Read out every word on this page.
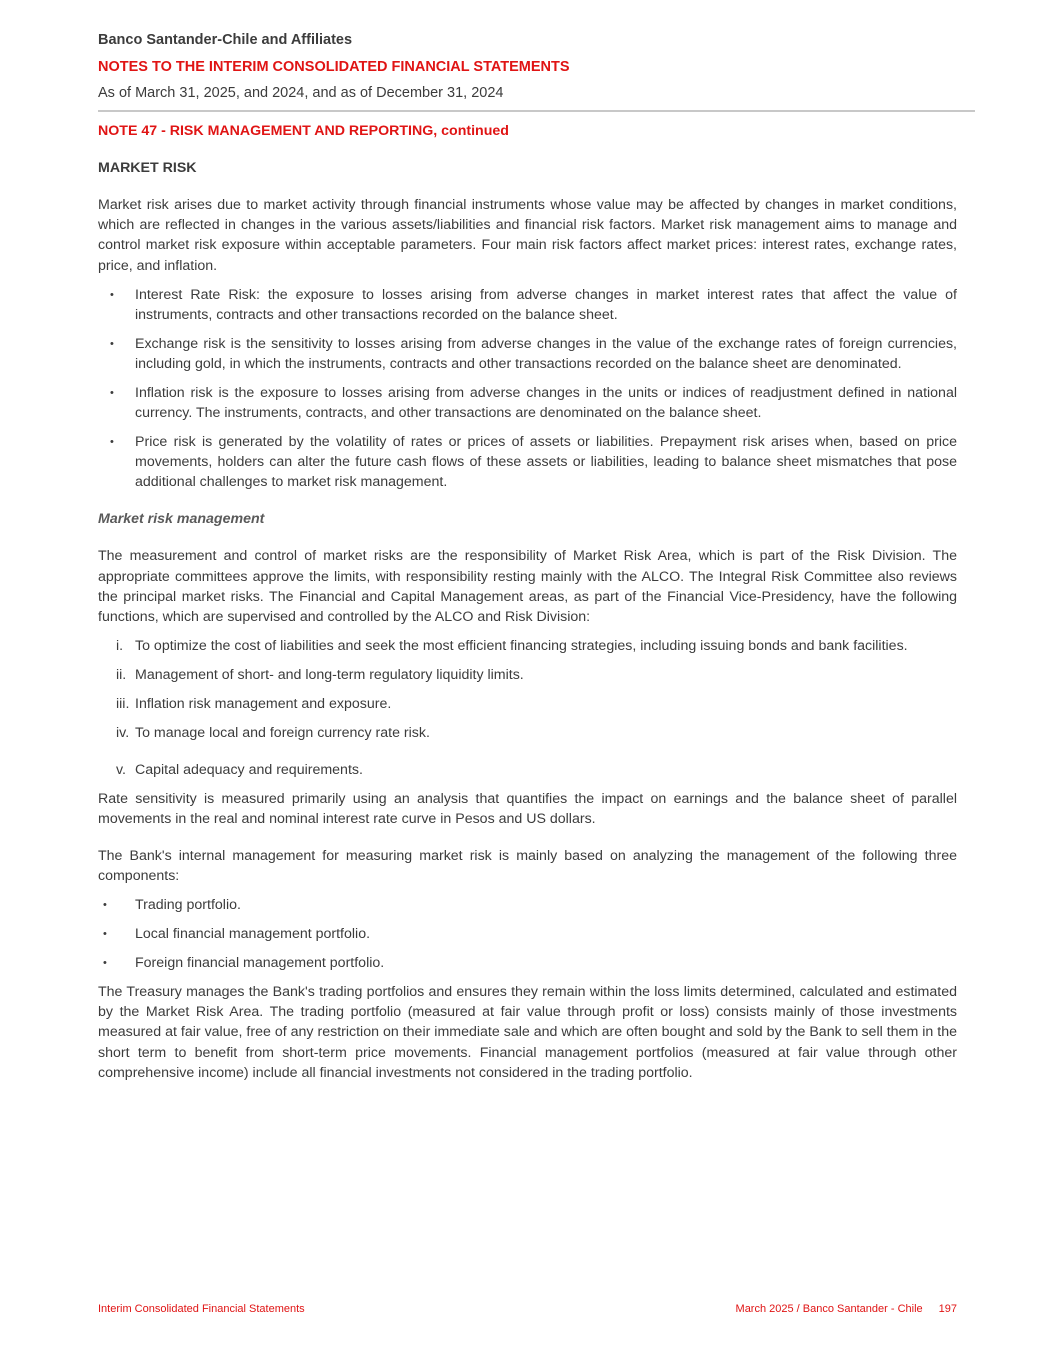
Banco Santander-Chile and Affiliates
NOTES TO THE INTERIM CONSOLIDATED FINANCIAL STATEMENTS
As of March 31, 2025, and 2024, and as of December 31, 2024
NOTE 47 - RISK MANAGEMENT AND REPORTING, continued
MARKET RISK

Market risk arises due to market activity through financial instruments whose value may be affected by changes in market conditions, which are reflected in changes in the various assets/liabilities and financial risk factors. Market risk management aims to manage and control market risk exposure within acceptable parameters. Four main risk factors affect market prices: interest rates, exchange rates, price, and inflation.

• Interest Rate Risk: the exposure to losses arising from adverse changes in market interest rates that affect the value of instruments, contracts and other transactions recorded on the balance sheet.
• Exchange risk is the sensitivity to losses arising from adverse changes in the value of the exchange rates of foreign currencies, including gold, in which the instruments, contracts and other transactions recorded on the balance sheet are denominated.
• Inflation risk is the exposure to losses arising from adverse changes in the units or indices of readjustment defined in national currency. The instruments, contracts, and other transactions are denominated on the balance sheet.
• Price risk is generated by the volatility of rates or prices of assets or liabilities. Prepayment risk arises when, based on price movements, holders can alter the future cash flows of these assets or liabilities, leading to balance sheet mismatches that pose additional challenges to market risk management.
Market risk management

The measurement and control of market risks are the responsibility of Market Risk Area, which is part of the Risk Division. The appropriate committees approve the limits, with responsibility resting mainly with the ALCO. The Integral Risk Committee also reviews the principal market risks. The Financial and Capital Management areas, as part of the Financial Vice-Presidency, have the following functions, which are supervised and controlled by the ALCO and Risk Division:

i. To optimize the cost of liabilities and seek the most efficient financing strategies, including issuing bonds and bank facilities.
ii. Management of short- and long-term regulatory liquidity limits.
iii. Inflation risk management and exposure.
iv. To manage local and foreign currency rate risk.
v. Capital adequacy and requirements.

Rate sensitivity is measured primarily using an analysis that quantifies the impact on earnings and the balance sheet of parallel movements in the real and nominal interest rate curve in Pesos and US dollars.

The Bank's internal management for measuring market risk is mainly based on analyzing the management of the following three components:

• Trading portfolio.
• Local financial management portfolio.
• Foreign financial management portfolio.

The Treasury manages the Bank's trading portfolios and ensures they remain within the loss limits determined, calculated and estimated by the Market Risk Area. The trading portfolio (measured at fair value through profit or loss) consists mainly of those investments measured at fair value, free of any restriction on their immediate sale and which are often bought and sold by the Bank to sell them in the short term to benefit from short-term price movements. Financial management portfolios (measured at fair value through other comprehensive income) include all financial investments not considered in the trading portfolio.

Interim Consolidated Financial Statements	March 2025 / Banco Santander - Chile 197
